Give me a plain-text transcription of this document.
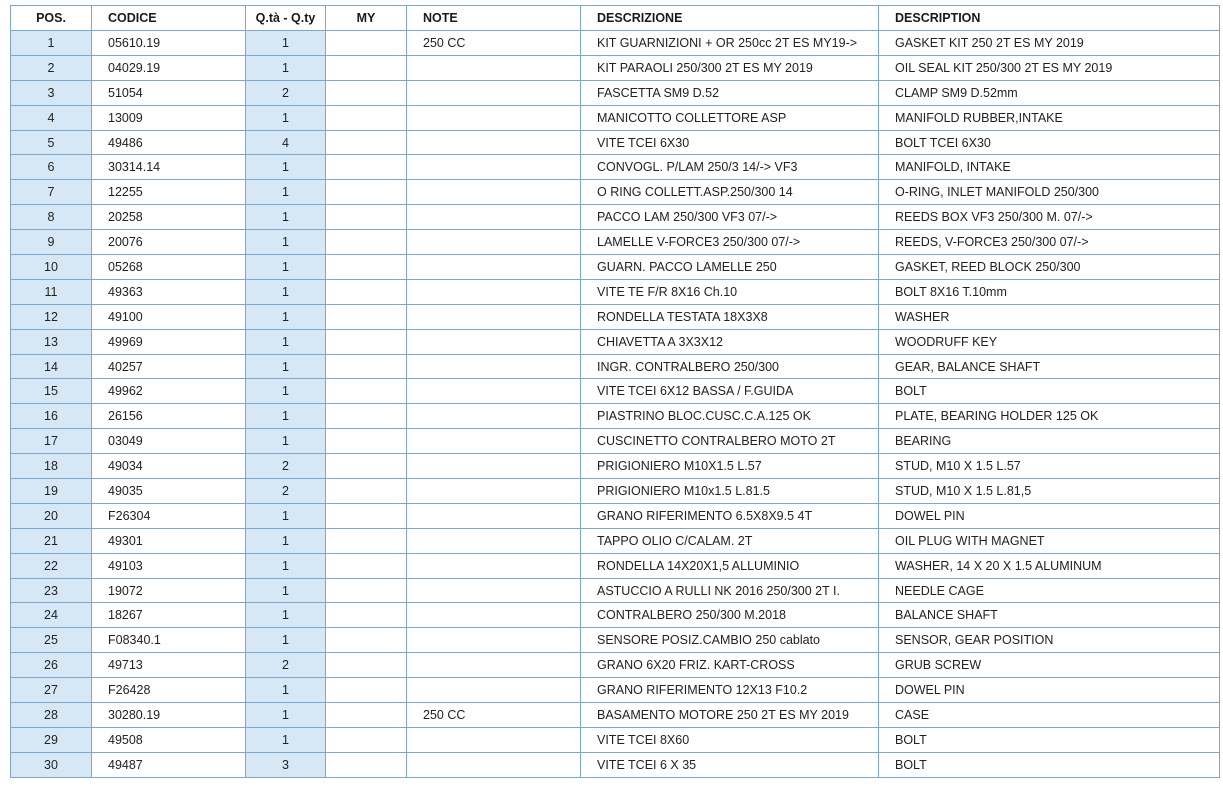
POS.	CODICE	Q.tà - Q.ty	MY	NOTE	DESCRIZIONE	DESCRIPTION
1	05610.19	1		250 CC	KIT GUARNIZIONI + OR 250cc 2T ES MY19->	GASKET KIT 250 2T ES MY 2019
2	04029.19	1			KIT PARAOLI 250/300 2T ES MY 2019	OIL SEAL KIT 250/300 2T ES MY 2019
3	51054	2			FASCETTA SM9 D.52	CLAMP SM9 D.52mm
4	13009	1			MANICOTTO COLLETTORE ASP	MANIFOLD RUBBER,INTAKE
5	49486	4			VITE TCEI 6X30	BOLT TCEI 6X30
6	30314.14	1			CONVOGL. P/LAM 250/3 14/-> VF3	MANIFOLD, INTAKE
7	12255	1			O RING COLLETT.ASP.250/300 14	O-RING, INLET MANIFOLD 250/300
8	20258	1			PACCO LAM 250/300 VF3 07/->	REEDS BOX VF3 250/300 M. 07/->
9	20076	1			LAMELLE V-FORCE3 250/300 07/->	REEDS, V-FORCE3 250/300 07/->
10	05268	1			GUARN. PACCO LAMELLE 250	GASKET, REED BLOCK 250/300
11	49363	1			VITE TE F/R 8X16 Ch.10	BOLT 8X16 T.10mm
12	49100	1			RONDELLA TESTATA 18X3X8	WASHER
13	49969	1			CHIAVETTA A 3X3X12	WOODRUFF KEY
14	40257	1			INGR. CONTRALBERO 250/300	GEAR, BALANCE SHAFT
15	49962	1			VITE TCEI 6X12 BASSA / F.GUIDA	BOLT
16	26156	1			PIASTRINO BLOC.CUSC.C.A.125 OK	PLATE, BEARING HOLDER 125 OK
17	03049	1			CUSCINETTO CONTRALBERO MOTO 2T	BEARING
18	49034	2			PRIGIONIERO M10X1.5 L.57	STUD, M10 X 1.5 L.57
19	49035	2			PRIGIONIERO M10x1.5 L.81.5	STUD, M10 X 1.5 L.81,5
20	F26304	1			GRANO RIFERIMENTO 6.5X8X9.5 4T	DOWEL PIN
21	49301	1			TAPPO OLIO C/CALAM. 2T	OIL PLUG WITH MAGNET
22	49103	1			RONDELLA 14X20X1,5 ALLUMINIO	WASHER, 14 X 20 X 1.5 ALUMINUM
23	19072	1			ASTUCCIO A RULLI NK 2016 250/300 2T I.	NEEDLE CAGE
24	18267	1			CONTRALBERO 250/300 M.2018	BALANCE SHAFT
25	F08340.1	1			SENSORE POSIZ.CAMBIO 250 cablato	SENSOR, GEAR POSITION
26	49713	2			GRANO 6X20 FRIZ. KART-CROSS	GRUB SCREW
27	F26428	1			GRANO RIFERIMENTO 12X13 F10.2	DOWEL PIN
28	30280.19	1		250 CC	BASAMENTO MOTORE 250 2T ES MY 2019	CASE
29	49508	1			VITE TCEI 8X60	BOLT
30	49487	3			VITE TCEI 6 X 35	BOLT
